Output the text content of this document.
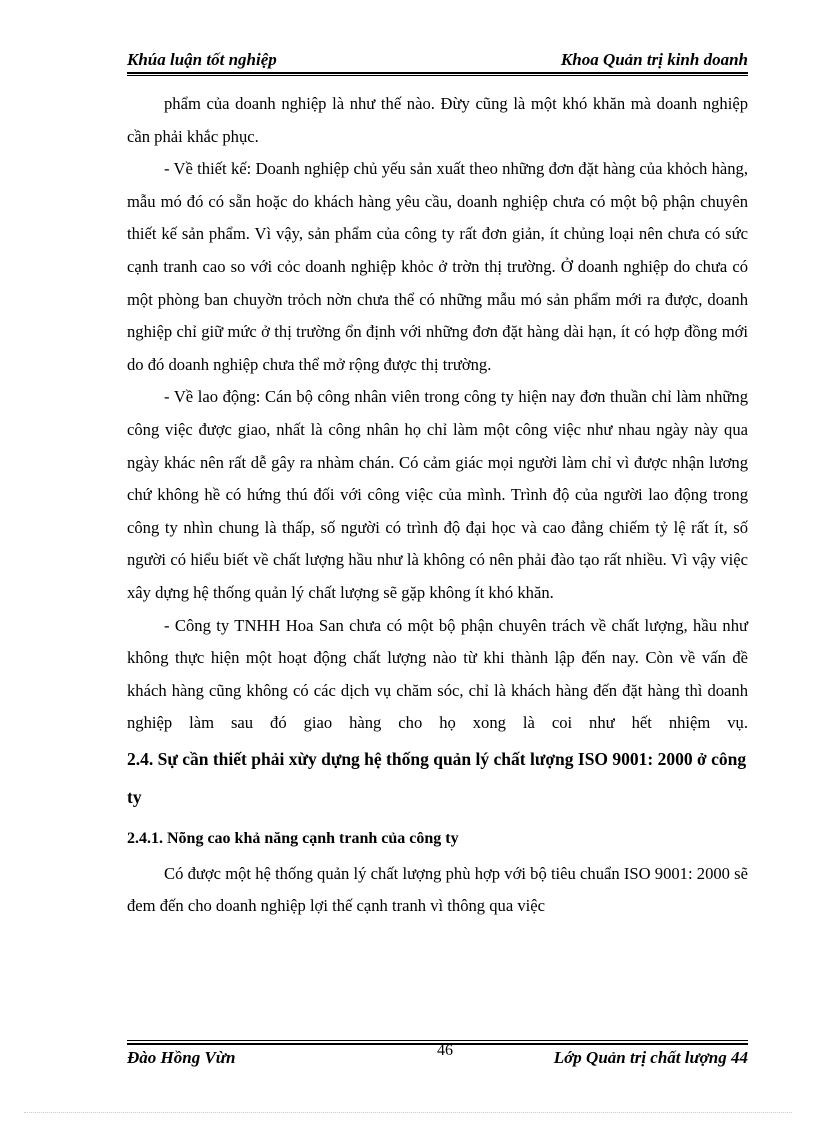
Khúa luận tốt nghiệp	Khoa Quản trị kinh doanh

phẩm của doanh nghiệp là như thế nào. Đừy cũng là một khó khăn mà doanh nghiệp cần phải khắc phục.

- Về thiết kế: Doanh nghiệp chủ yếu sản xuất theo những đơn đặt hàng của khỏch hàng, mẫu mó đó có sẵn hoặc do khách hàng yêu cầu, doanh nghiệp chưa có một bộ phận chuyên thiết kế sản phẩm. Vì vậy, sản phẩm của công ty rất đơn giản, ít chủng loại nên chưa có sức cạnh tranh cao so với cỏc doanh nghiệp khỏc ở trờn thị trường. Ở doanh nghiệp do chưa có một phòng ban chuyờn trỏch nờn chưa thể có những mẫu mó sản phẩm mới ra được, doanh nghiệp chỉ giữ mức ở thị trường ổn định với những đơn đặt hàng dài hạn, ít có hợp đồng mới do đó doanh nghiệp chưa thể mở rộng được thị trường.

- Về lao động: Cán bộ công nhân viên trong công ty hiện nay đơn thuần chỉ làm những công việc được giao, nhất là công nhân họ chỉ làm một công việc như nhau ngày này qua ngày khác nên rất dễ gây ra nhàm chán. Có cảm giác mọi người làm chỉ vì được nhận lương chứ không hề có hứng thú đối với công việc của mình. Trình độ của người lao động trong công ty nhìn chung là thấp, số người có trình độ đại học và cao đẳng chiếm tỷ lệ rất ít, số người có hiểu biết về chất lượng hầu như là không có nên phải đào tạo rất nhiều. Vì vậy việc xây dựng hệ thống quản lý chất lượng sẽ gặp không ít khó khăn.

- Công ty TNHH Hoa San chưa có một bộ phận chuyên trách về chất lượng, hầu như không thực hiện một hoạt động chất lượng nào từ khi thành lập đến nay. Còn về vấn đề khách hàng cũng không có các dịch vụ chăm sóc, chỉ là khách hàng đến đặt hàng thì doanh nghiệp làm sau đó giao hàng cho họ xong là coi như hết nhiệm vụ.

2.4. Sự cần thiết phải xừy dựng hệ thống quản lý chất lượng ISO 9001: 2000 ở công ty
2.4.1. Nõng cao khả năng cạnh tranh của công ty

Có được một hệ thống quản lý chất lượng phù hợp với bộ tiêu chuẩn ISO 9001: 2000 sẽ đem đến cho doanh nghiệp lợi thế cạnh tranh vì thông qua việc

Đào Hồng Vừn	46	Lớp Quản trị chất lượng 44
